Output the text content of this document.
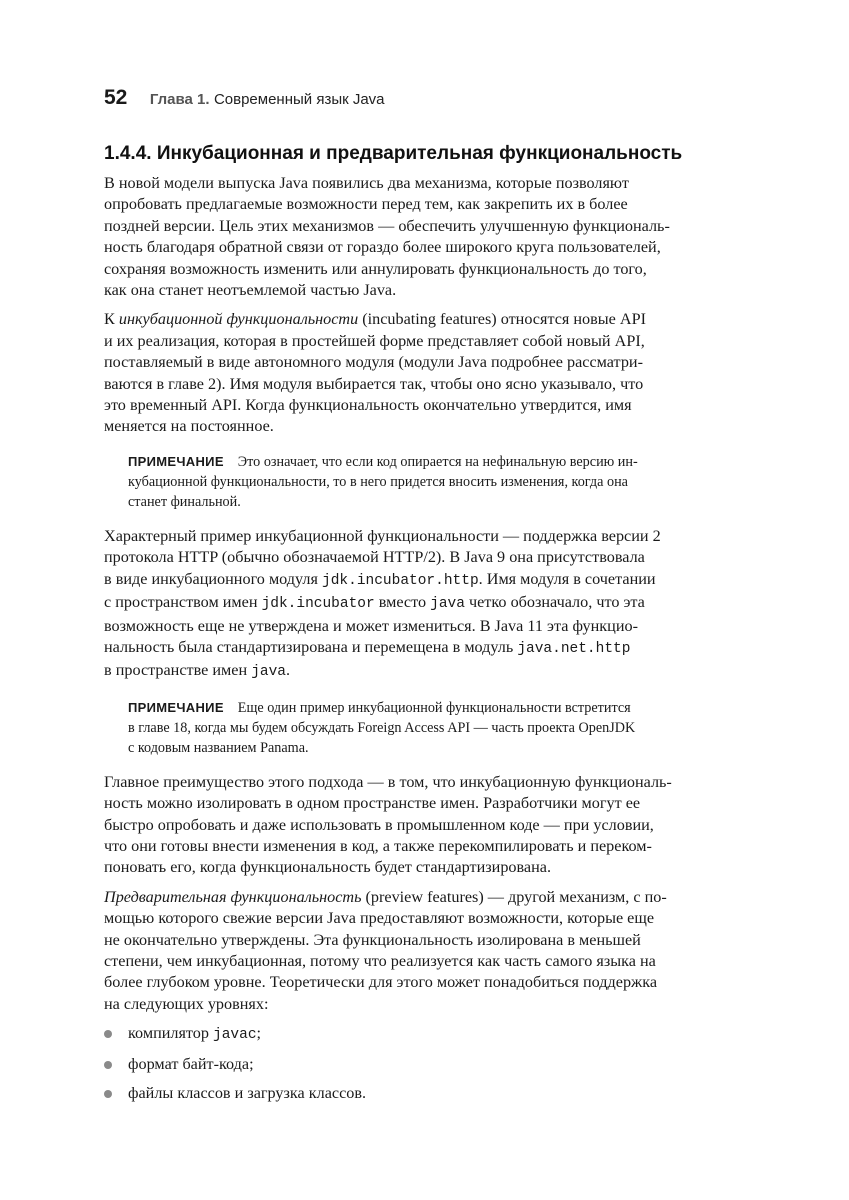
52 Глава 1. Современный язык Java
1.4.4. Инкубационная и предварительная функциональность

В новой модели выпуска Java появились два механизма, которые позволяют
опробовать предлагаемые возможности перед тем, как закрепить их в более
поздней версии. Цель этих механизмов — обеспечить улучшенную функциональ-
ность благодаря обратной связи от гораздо более широкого круга пользователей,
сохраняя возможность изменить или аннулировать функциональность до того,
как она станет неотъемлемой частью Java.

К инкубационной функциональности (incubating features) относятся новые API
и их реализация, которая в простейшей форме представляет собой новый API,
поставляемый в виде автономного модуля (модули Java подробнее рассматри-
ваются в главе 2). Имя модуля выбирается так, чтобы оно ясно указывало, что
это временный API. Когда функциональность окончательно утвердится, имя
меняется на постоянное.

ПРИМЕЧАНИЕ Это означает, что если код опирается на нефинальную версию ин-
кубационной функциональности, то в него придется вносить изменения, когда она
станет финальной.

Характерный пример инкубационной функциональности — поддержка версии 2
протокола HTTP (обычно обозначаемой HTTP/2). В Java 9 она присутствовала
в виде инкубационного модуля jdk.incubator.http. Имя модуля в сочетании
с пространством имен jdk.incubator вместо java четко обозначало, что эта
возможность еще не утверждена и может измениться. В Java 11 эта функцио-
нальность была стандартизирована и перемещена в модуль java.net.http
в пространстве имен java.

ПРИМЕЧАНИЕ Еще один пример инкубационной функциональности встретится
в главе 18, когда мы будем обсуждать Foreign Access API — часть проекта OpenJDK
с кодовым названием Panama.

Главное преимущество этого подхода — в том, что инкубационную функциональ-
ность можно изолировать в одном пространстве имен. Разработчики могут ее
быстро опробовать и даже использовать в промышленном коде — при условии,
что они готовы внести изменения в код, а также перекомпилировать и переком-
поновать его, когда функциональность будет стандартизирована.

Предварительная функциональность (preview features) — другой механизм, с по-
мощью которого свежие версии Java предоставляют возможности, которые еще
не окончательно утверждены. Эта функциональность изолирована в меньшей
степени, чем инкубационная, потому что реализуется как часть самого языка на
более глубоком уровне. Теоретически для этого может понадобиться поддержка
на следующих уровнях:

компилятор javac;
формат байт-кода;
файлы классов и загрузка классов.
